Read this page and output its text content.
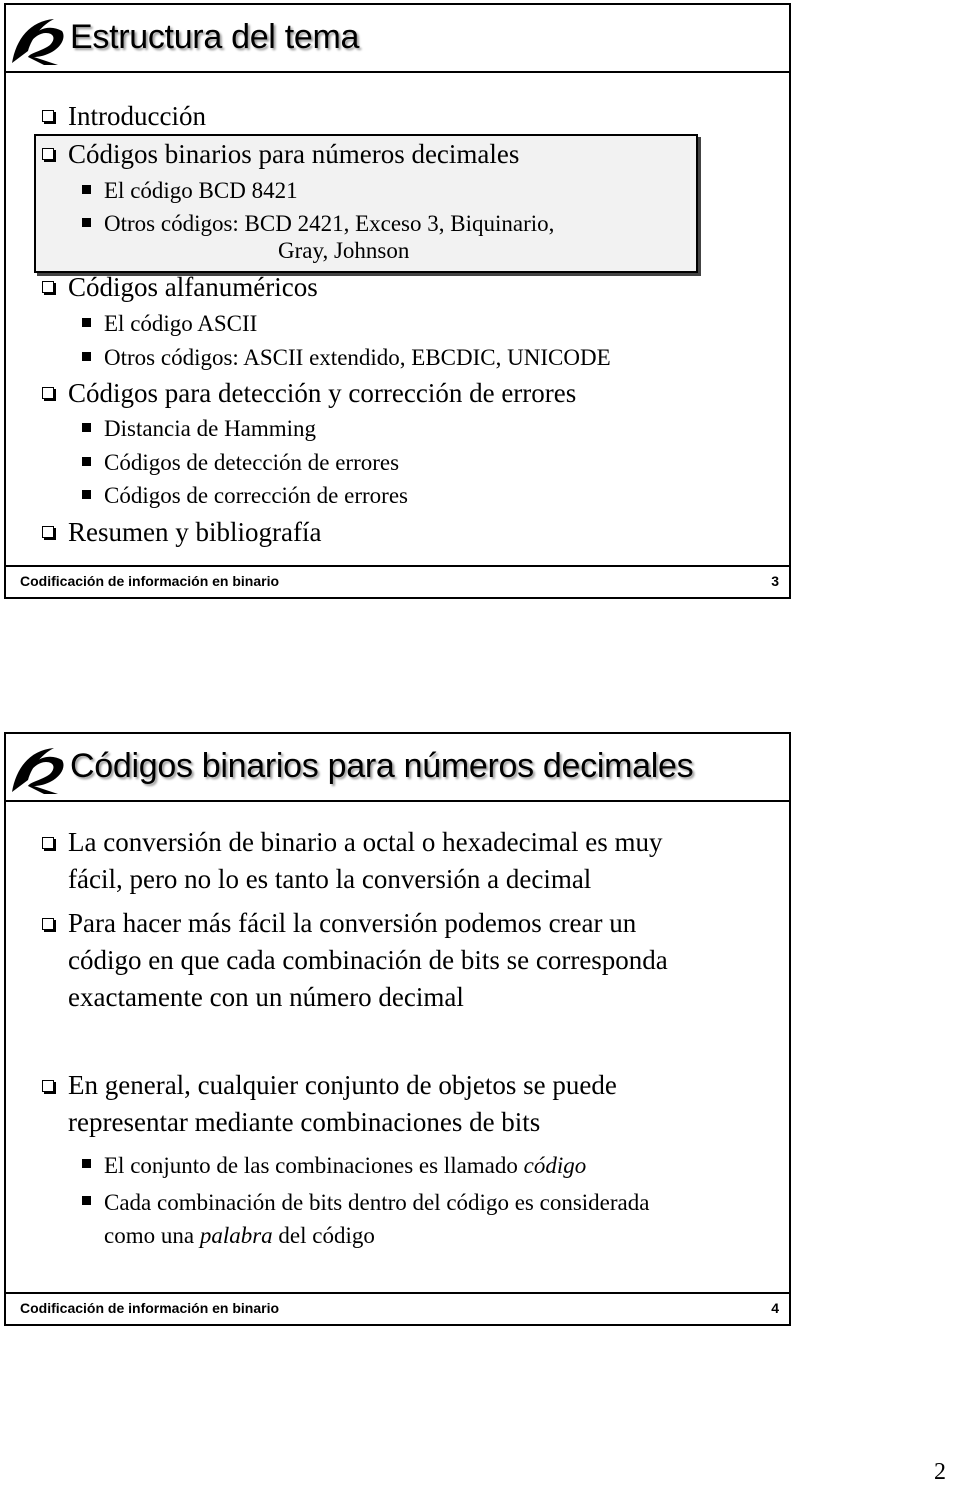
Estructura del tema
Introducción
Códigos binarios para números decimales
El código BCD 8421
Otros códigos: BCD 2421, Exceso 3, Biquinario,
Gray, Johnson
Códigos alfanuméricos
El código ASCII
Otros códigos: ASCII extendido, EBCDIC, UNICODE
Códigos para detección y corrección de errores
Distancia de Hamming
Códigos de detección de errores
Códigos de corrección de errores
Resumen y bibliografía
Codificación de información en binario	3
Códigos binarios para números decimales
La conversión de binario a octal o hexadecimal es muy
fácil, pero no lo es tanto la conversión a decimal
Para hacer más fácil la conversión podemos crear un
código en que cada combinación de bits se corresponda
exactamente con un número decimal
En general, cualquier conjunto de objetos se puede
representar mediante combinaciones de bits
El conjunto de las combinaciones es llamado código
Cada combinación de bits dentro del código es considerada
como una palabra del código
Codificación de información en binario	4
2
